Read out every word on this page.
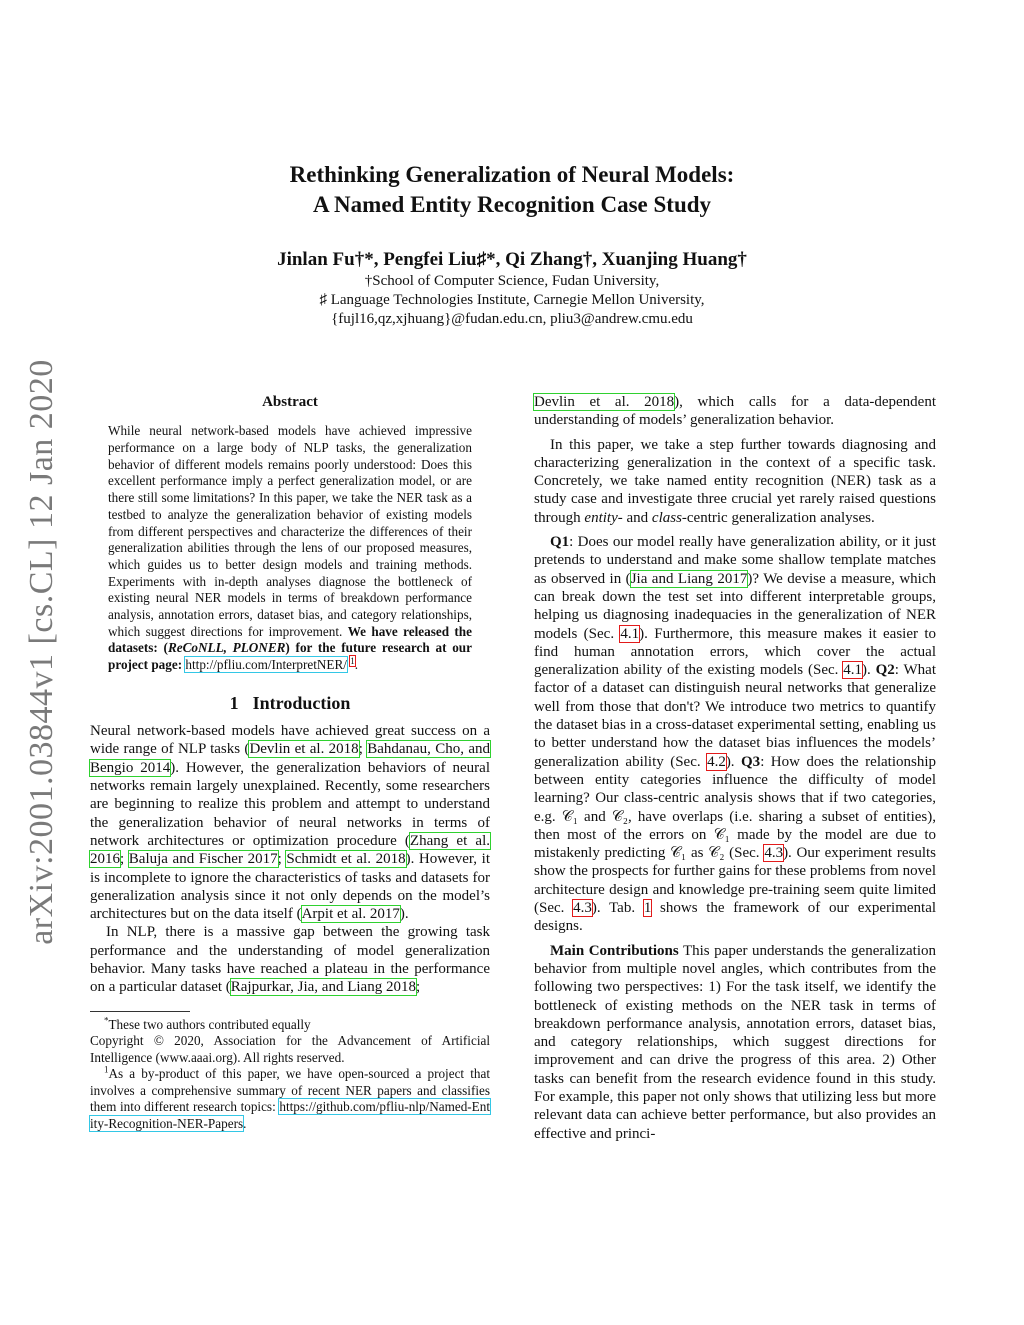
arXiv:2001.03844v1 [cs.CL] 12 Jan 2020
Rethinking Generalization of Neural Models:
A Named Entity Recognition Case Study
Jinlan Fu†*, Pengfei Liu♯*, Qi Zhang†, Xuanjing Huang†
†School of Computer Science, Fudan University,
♯ Language Technologies Institute, Carnegie Mellon University,
{fujl16,qz,xjhuang}@fudan.edu.cn, pliu3@andrew.cmu.edu
Abstract
While neural network-based models have achieved impressive performance on a large body of NLP tasks, the generalization behavior of different models remains poorly understood: Does this excellent performance imply a perfect generalization model, or are there still some limitations? In this paper, we take the NER task as a testbed to analyze the generalization behavior of existing models from different perspectives and characterize the differences of their generalization abilities through the lens of our proposed measures, which guides us to better design models and training methods. Experiments with in-depth analyses diagnose the bottleneck of existing neural NER models in terms of breakdown performance analysis, annotation errors, dataset bias, and category relationships, which suggest directions for improvement. We have released the datasets: (ReCoNLL, PLONER) for the future research at our project page: http://pfliu.com/InterpretNER/ $^1$.
1 Introduction

Neural network-based models have achieved great success on a wide range of NLP tasks (Devlin et al. 2018; Bahdanau, Cho, and Bengio 2014). However, the generalization behaviors of neural networks remain largely unexplained. Recently, some researchers are beginning to realize this problem and attempt to understand the generalization behavior of neural networks in terms of network architectures or optimization procedure (Zhang et al. 2016; Baluja and Fischer 2017; Schmidt et al. 2018). However, it is incomplete to ignore the characteristics of tasks and datasets for generalization analysis since it not only depends on the model’s architectures but on the data itself (Arpit et al. 2017).

In NLP, there is a massive gap between the growing task performance and the understanding of model generalization behavior. Many tasks have reached a plateau in the performance on a particular dataset (Rajpurkar, Jia, and Liang 2018;

*These two authors contributed equally

Copyright © 2020, Association for the Advancement of Artificial Intelligence (www.aaai.org). All rights reserved.

$^1$As a by-product of this paper, we have open-sourced a project that involves a comprehensive summary of recent NER papers and classifies them into different research topics: https://github.com/pfliu-nlp/Named-Entity-Recognition-NER-Papers.

Devlin et al. 2018), which calls for a data-dependent understanding of models’ generalization behavior.

In this paper, we take a step further towards diagnosing and characterizing generalization in the context of a specific task. Concretely, we take named entity recognition (NER) task as a study case and investigate three crucial yet rarely raised questions through entity- and class-centric generalization analyses.

Q1: Does our model really have generalization ability, or it just pretends to understand and make some shallow template matches as observed in (Jia and Liang 2017)? We devise a measure, which can break down the test set into different interpretable groups, helping us diagnosing inadequacies in the generalization of NER models (Sec. 4.1). Furthermore, this measure makes it easier to find human annotation errors, which cover the actual generalization ability of the existing models (Sec. 4.1). Q2: What factor of a dataset can distinguish neural networks that generalize well from those that don't? We introduce two metrics to quantify the dataset bias in a cross-dataset experimental setting, enabling us to better understand how the dataset bias influences the models’ generalization ability (Sec. 4.2). Q3: How does the relationship between entity categories influence the difficulty of model learning? Our class-centric analysis shows that if two categories, e.g. 𝒞₁ and 𝒞₂, have overlaps (i.e. sharing a subset of entities), then most of the errors on 𝒞₁ made by the model are due to mistakenly predicting 𝒞₁ as 𝒞₂ (Sec. 4.3). Our experiment results show the prospects for further gains for these problems from novel architecture design and knowledge pre-training seem quite limited (Sec. 4.3). Tab. 1 shows the framework of our experimental designs.

Main Contributions This paper understands the generalization behavior from multiple novel angles, which contributes from the following two perspectives: 1) For the task itself, we identify the bottleneck of existing methods on the NER task in terms of breakdown performance analysis, annotation errors, dataset bias, and category relationships, which suggest directions for improvement and can drive the progress of this area. 2) Other tasks can benefit from the research evidence found in this study. For example, this paper not only shows that utilizing less but more relevant data can achieve better performance, but also provides an effective and princi-
